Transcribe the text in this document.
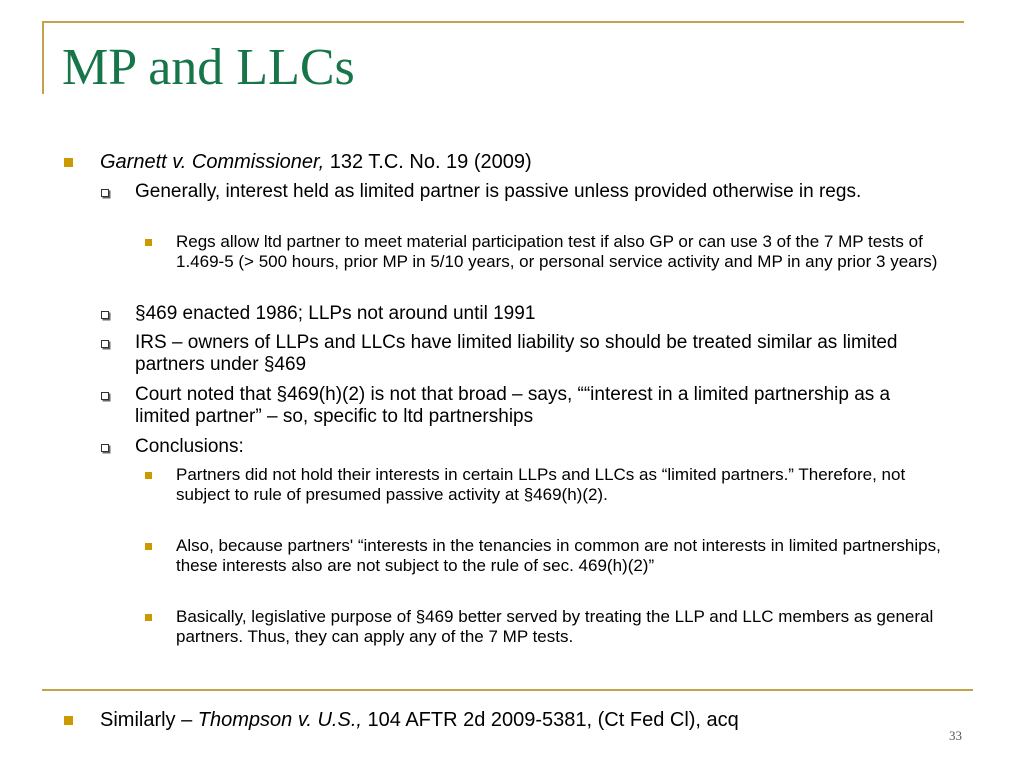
MP and LLCs
Garnett v. Commissioner, 132 T.C. No. 19 (2009)
Generally, interest held as limited partner is passive unless provided otherwise in regs.
Regs allow ltd partner to meet material participation test if also GP or can use 3 of the 7 MP tests of 1.469-5 (> 500 hours, prior MP in 5/10 years, or personal service activity and MP in any prior 3 years)
§469 enacted 1986; LLPs not around until 1991
IRS – owners of LLPs and LLCs have limited liability so should be treated similar as limited partners under §469
Court noted that §469(h)(2) is not that broad – says, ““interest in a limited partnership as a limited partner” – so, specific to ltd partnerships
Conclusions:
Partners did not hold their interests in certain LLPs and LLCs as “limited partners.” Therefore, not subject to rule of presumed passive activity at §469(h)(2).
Also, because partners' “interests in the tenancies in common are not interests in limited partnerships, these interests also are not subject to the rule of sec. 469(h)(2)”
Basically, legislative purpose of §469 better served by treating the LLP and LLC members as general partners. Thus, they can apply any of the 7 MP tests.
Similarly – Thompson v. U.S., 104 AFTR 2d 2009-5381, (Ct Fed Cl), acq
33
